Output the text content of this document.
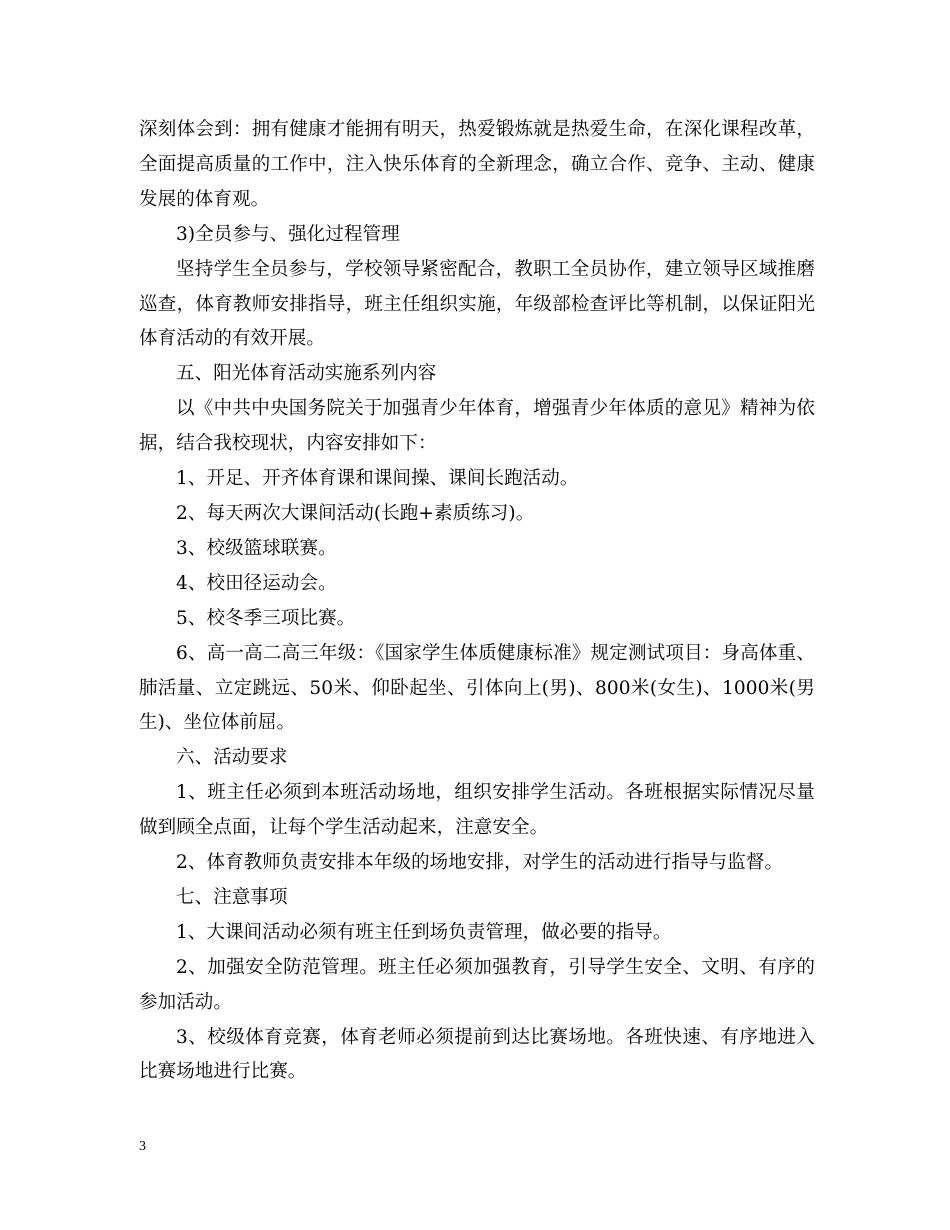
深刻体会到：拥有健康才能拥有明天，热爱锻炼就是热爱生命，在深化课程改革，全面提高质量的工作中，注入快乐体育的全新理念，确立合作、竞争、主动、健康发展的体育观。

3)全员参与、强化过程管理

坚持学生全员参与，学校领导紧密配合，教职工全员协作，建立领导区域推磨巡查，体育教师安排指导，班主任组织实施，年级部检查评比等机制，以保证阳光体育活动的有效开展。

五、阳光体育活动实施系列内容

以《中共中央国务院关于加强青少年体育，增强青少年体质的意见》精神为依据，结合我校现状，内容安排如下：

1、开足、开齐体育课和课间操、课间长跑活动。

2、每天两次大课间活动(长跑+素质练习)。

3、校级篮球联赛。

4、校田径运动会。

5、校冬季三项比赛。

6、高一高二高三年级：《国家学生体质健康标准》规定测试项目：身高体重、肺活量、立定跳远、50米、仰卧起坐、引体向上(男)、800米(女生)、1000米(男生)、坐位体前屈。

六、活动要求

1、班主任必须到本班活动场地，组织安排学生活动。各班根据实际情况尽量做到顾全点面，让每个学生活动起来，注意安全。

2、体育教师负责安排本年级的场地安排，对学生的活动进行指导与监督。

七、注意事项

1、大课间活动必须有班主任到场负责管理，做必要的指导。

2、加强安全防范管理。班主任必须加强教育，引导学生安全、文明、有序的参加活动。

3、校级体育竞赛，体育老师必须提前到达比赛场地。各班快速、有序地进入比赛场地进行比赛。

3
